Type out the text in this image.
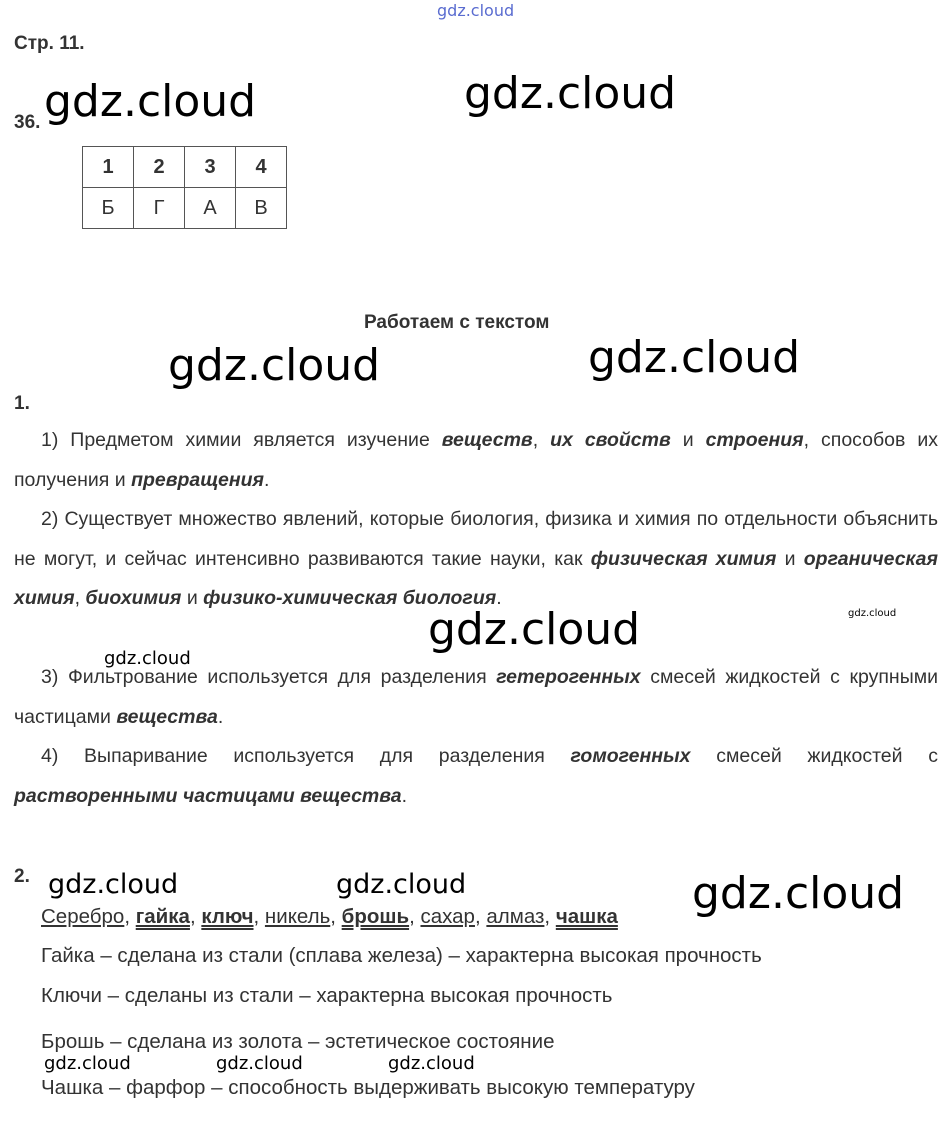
gdz.cloud
Стр. 11.
gdz.cloud	gdz.cloud
36.
1	2	3	4
Б	Г	А	В
Работаем с текстом
gdz.cloud	gdz.cloud
1.
1) Предметом химии является изучение веществ, их свойств и строения, способов их получения и превращения.
2) Существует множество явлений, которые биология, физика и химия по отдельности объяснить не могут, и сейчас интенсивно развиваются такие науки, как физическая химия и органическая химия, биохимия и физико-химическая биология.
3) Фильтрование используется для разделения гетерогенных смесей жидкостей с крупными частицами вещества.
4) Выпаривание используется для разделения гомогенных смесей жидкостей с растворенными частицами вещества.
gdz.cloud
gdz.cloud
gdz.cloud
2. gdz.cloud	gdz.cloud	gdz.cloud
Серебро, гайка, ключ, никель, брошь, сахар, алмаз, чашка
Гайка – сделана из стали (сплава железа) – характерна высокая прочность
Ключи – сделаны из стали – характерна высокая прочность
Брошь – сделана из золота – эстетическое состояние
Чашка – фарфор – способность выдерживать высокую температуру
gdz.cloud	gdz.cloud	gdz.cloud
